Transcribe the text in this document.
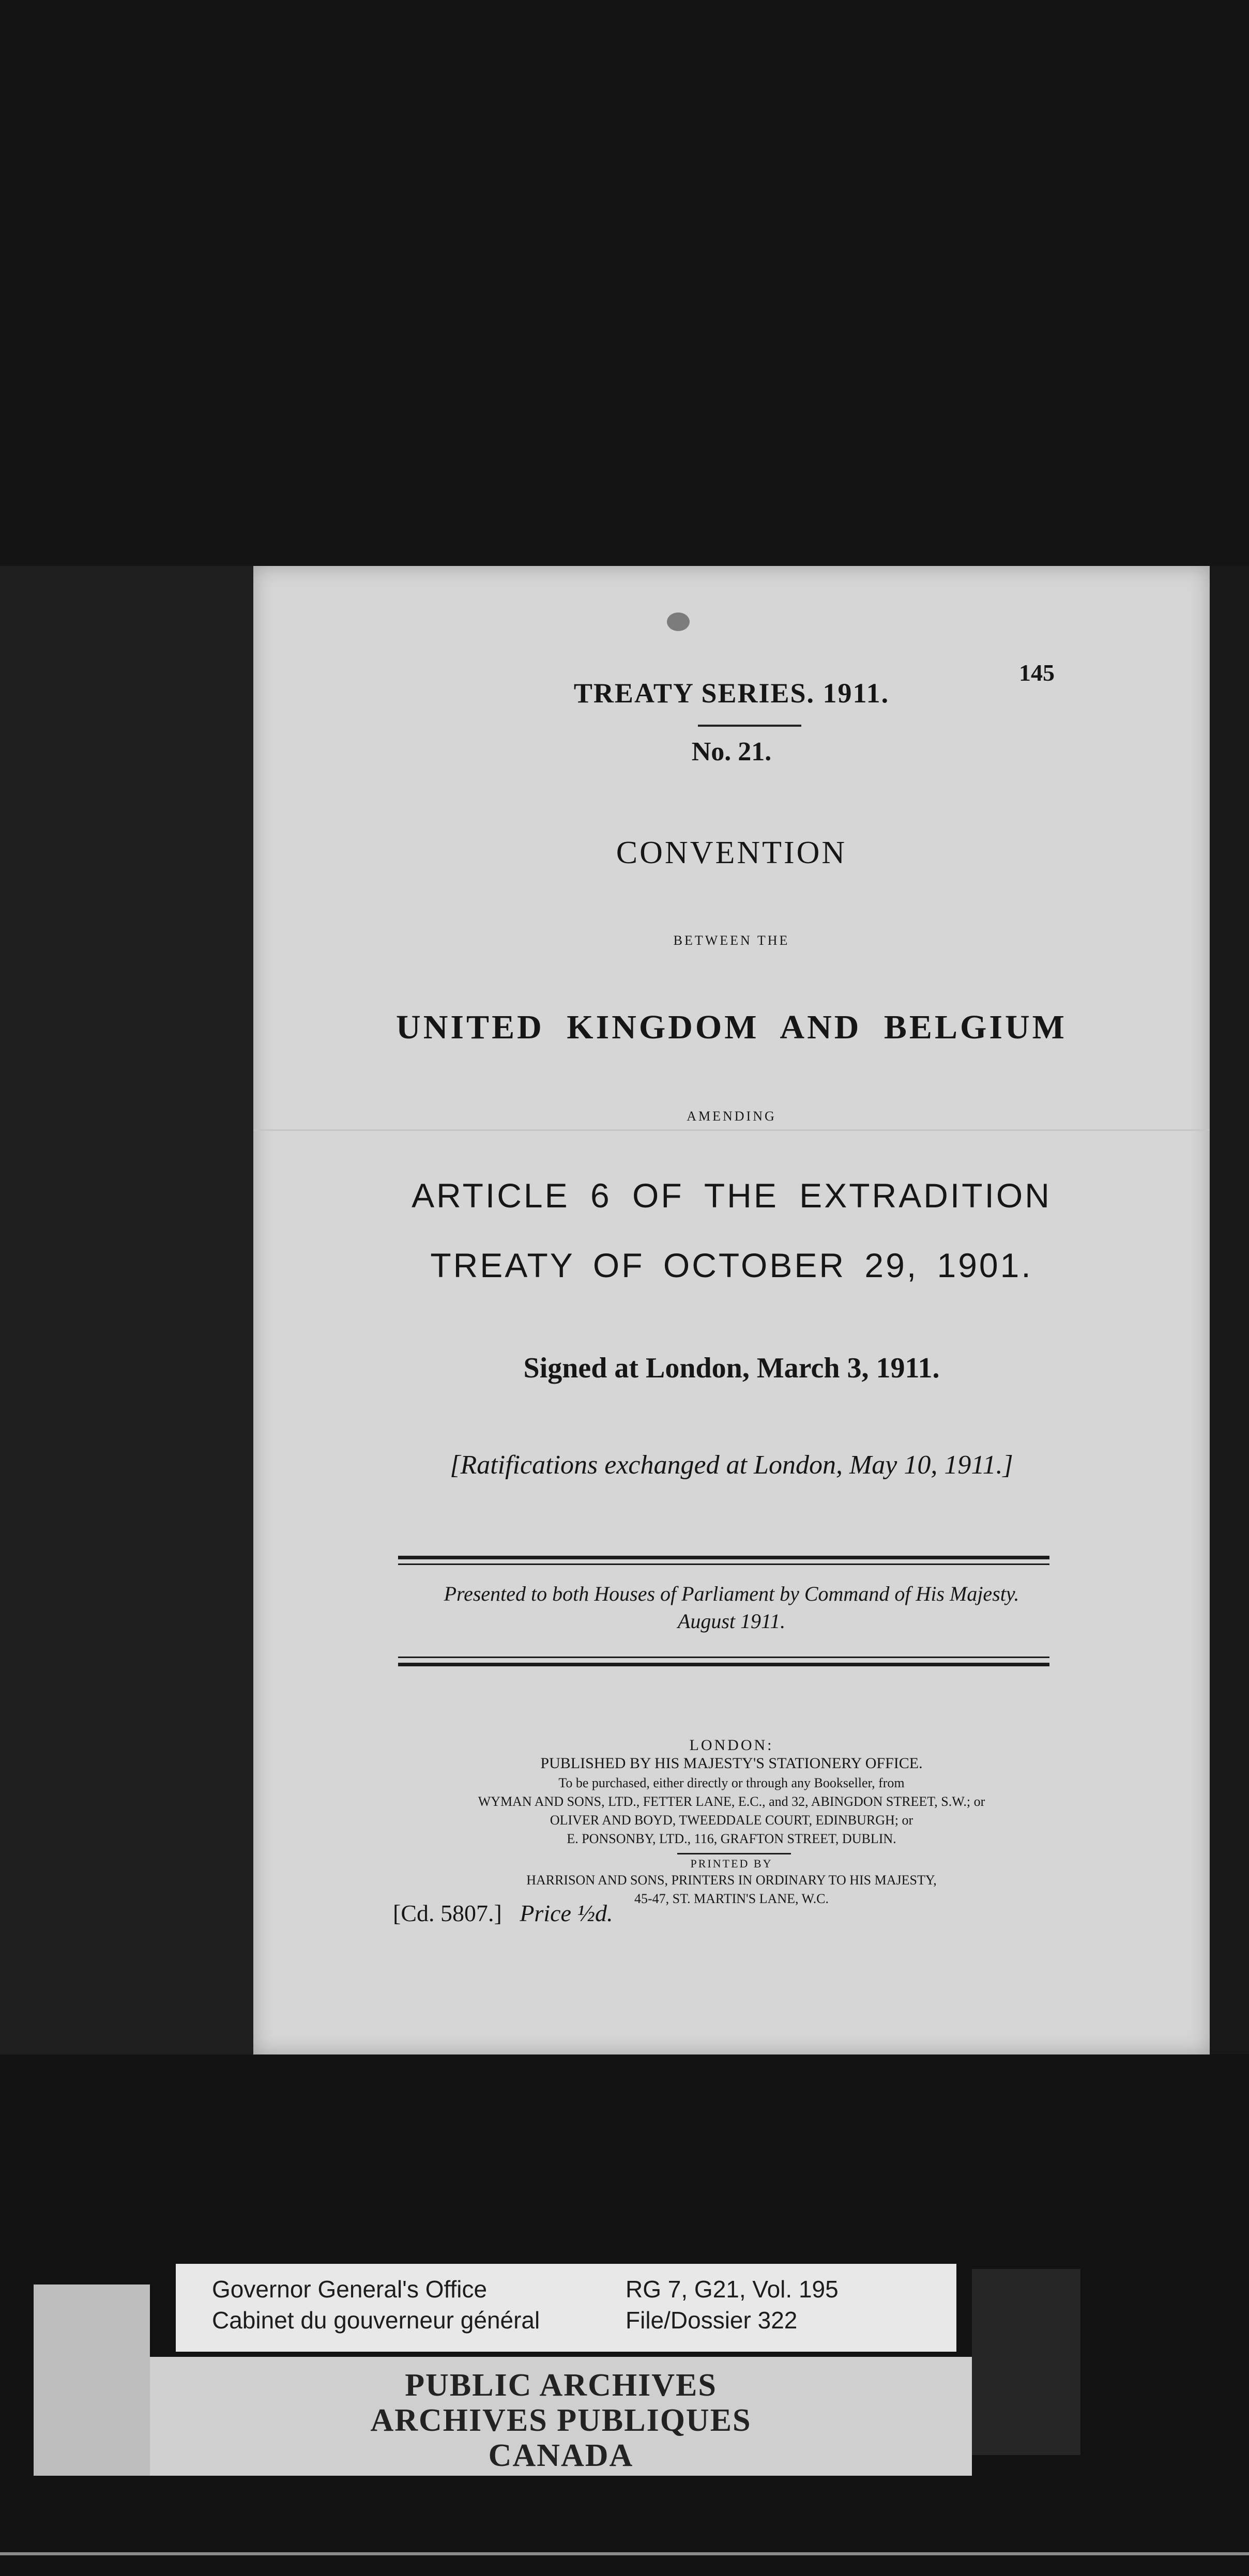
145
TREATY SERIES. 1911.
No. 21.
CONVENTION
BETWEEN THE
UNITED KINGDOM AND BELGIUM
AMENDING
ARTICLE 6 OF THE EXTRADITION
TREATY OF OCTOBER 29, 1901.
Signed at London, March 3, 1911.
[Ratifications exchanged at London, May 10, 1911.]
Presented to both Houses of Parliament by Command of His Majesty.
August 1911.
LONDON:
PUBLISHED BY HIS MAJESTY'S STATIONERY OFFICE.
To be purchased, either directly or through any Bookseller, from
WYMAN AND SONS, LTD., FETTER LANE, E.C., and 32, ABINGDON STREET, S.W.; or
OLIVER AND BOYD, TWEEDDALE COURT, EDINBURGH; or
E. PONSONBY, LTD., 116, GRAFTON STREET, DUBLIN.
PRINTED BY
HARRISON AND SONS, PRINTERS IN ORDINARY TO HIS MAJESTY,
45-47, ST. MARTIN'S LANE, W.C.
[Cd. 5807.] Price ½d.
Governor General's Office
Cabinet du gouverneur général
RG 7, G21, Vol. 195
File/Dossier 322
PUBLIC ARCHIVES
ARCHIVES PUBLIQUES
CANADA
